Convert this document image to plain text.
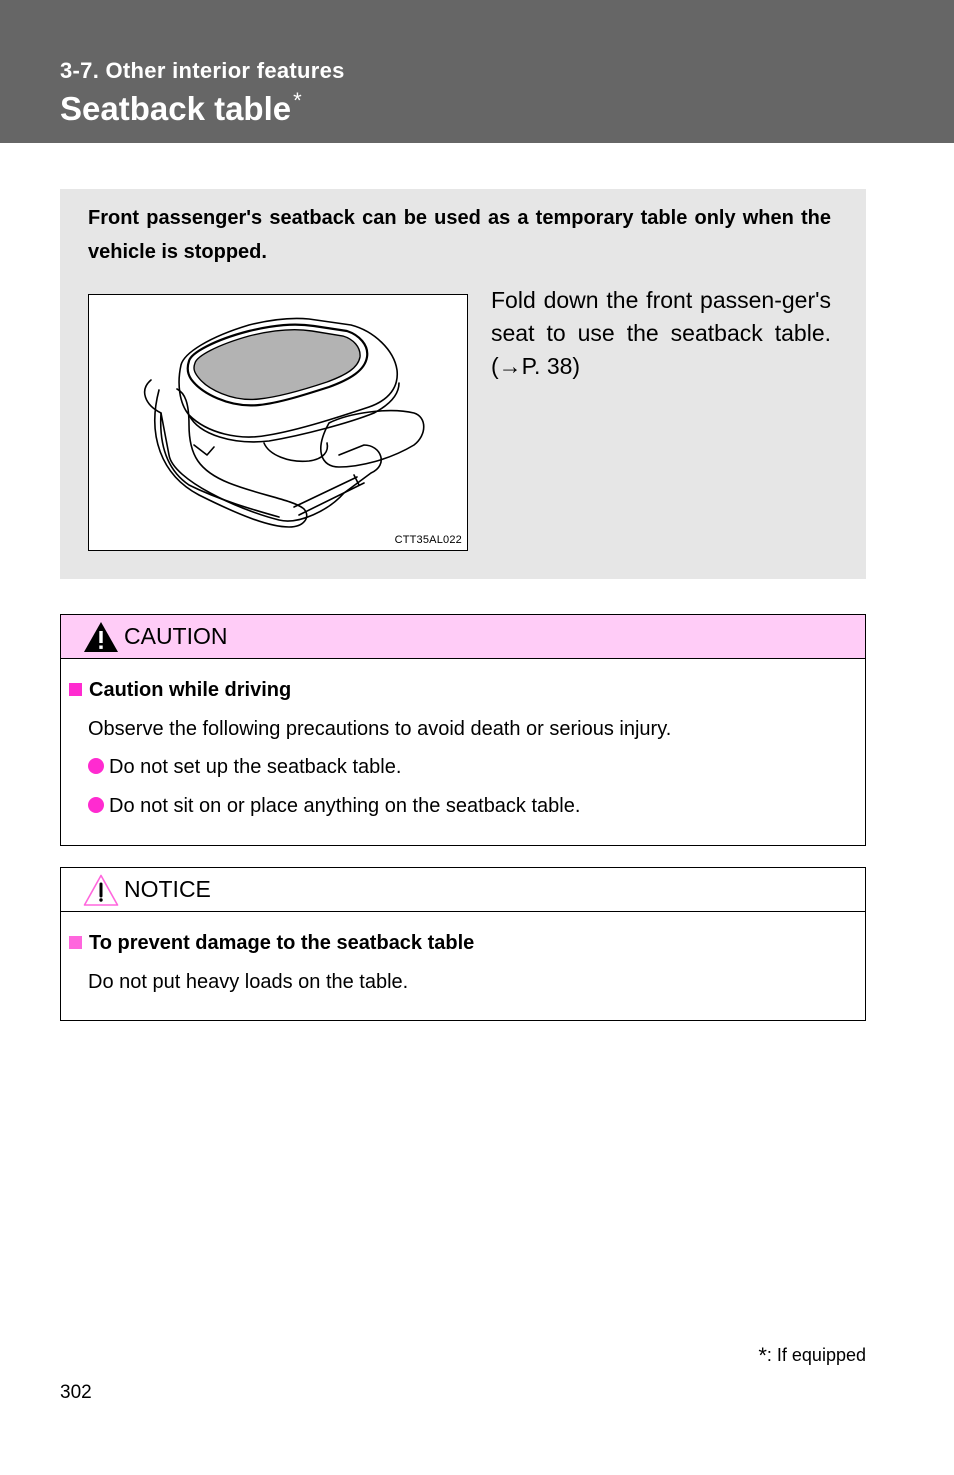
3-7. Other interior features
Seatback table*
Front passenger's seatback can be used as a temporary table only when the vehicle is stopped.
CTT35AL022
Fold down the front passen-ger's seat to use the seatback table. (→P. 38)
CAUTION
Caution while driving
Observe the following precautions to avoid death or serious injury.
Do not set up the seatback table.
Do not sit on or place anything on the seatback table.
NOTICE
To prevent damage to the seatback table
Do not put heavy loads on the table.
*: If equipped
302
